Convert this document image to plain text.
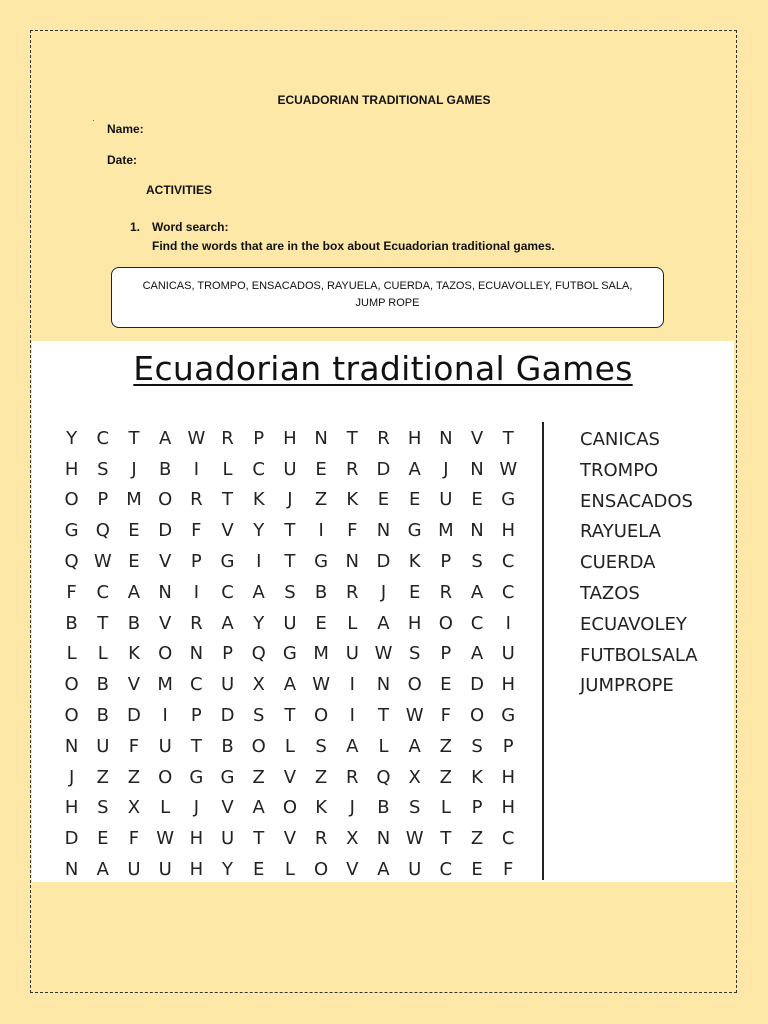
ECUADORIAN TRADITIONAL GAMES
·
Name:
Date:
ACTIVITIES
1. Word search:
Find the words that are in the box about Ecuadorian traditional games.
CANICAS, TROMPO, ENSACADOS, RAYUELA, CUERDA, TAZOS, ECUAVOLLEY, FUTBOL SALA,
JUMP ROPE
Ecuadorian traditional Games
Y	C	T	A W R	P	H N	T	R	H N	V	T
H	S	J	B	I	L	C	U	E	R	D	A	J	N W
O	P	M O R	T	K	J	Z	K	E	E	U	E	G
G Q	E	D	F	V	Y	T	I	F	N G M N H
Q W E	V	P	G	I	T	G N D	K	P	S	C
F	C	A	N	I	C	A	S	B	R	J	E	R	A	C
B	T	B	V	R	A	Y	U	E	L	A	H O C	I
L	L	K	O N	P	Q G M U W S	P	A	U
O B	V M C	U	X	A W	I	N O	E	D H
O B	D	I	P	D	S	T	O	I	T W F	O G
N U	F	U	T	B O	L	S	A	L	A	Z	S	P
J	Z	Z O G G	Z	V	Z	R Q X	Z	K	H
H	S	X	L	J	V	A O	K	J	B	S	L	P	H
D	E	F W H U	T	V	R	X	N W T	Z	C
N	A	U	U H	Y	E	L	O V	A	U	C	E	F
CANICAS
TROMPO
ENSACADOS
RAYUELA
CUERDA
TAZOS
ECUAVOLEY
FUTBOLSALA
JUMPROPE
